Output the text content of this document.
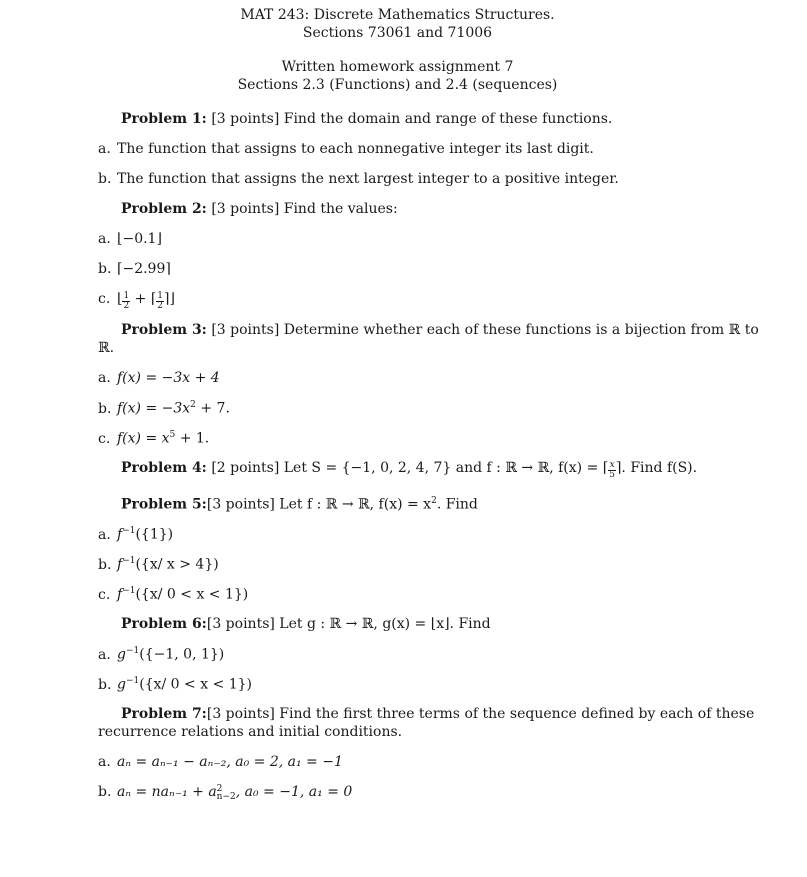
MAT 243: Discrete Mathematics Structures.
Sections 73061 and 71006
Written homework assignment 7
Sections 2.3 (Functions) and 2.4 (sequences)
Problem 1: [3 points] Find the domain and range of these functions.
a. The function that assigns to each nonnegative integer its last digit.
b. The function that assigns the next largest integer to a positive integer.
Problem 2: [3 points] Find the values:
a. ⌊−0.1⌋
b. ⌈−2.99⌉
c. ⌊ $\frac{1}{2}$ + ⌈ $\frac{1}{2}$ ⌉⌋
Problem 3: [3 points] Determine whether each of these functions is a bijection from ℝ to
ℝ.
a. f(x) = −3x + 4
b. $f(x) = -3x^2 + 7$.
c. $f(x) = x^5 + 1$.
Problem 4: [2 points] Let S = {−1, 0, 2, 4, 7} and f : ℝ → ℝ, f(x) = ⌈ $\frac{x}{5}$ ⌉. Find f(S).
Problem 5:[3 points] Let f : ℝ → ℝ, $f(x) = x^2$. Find
a. $f^{-1}(\{1\})$
b. $f^{-1}(\{x/$ x > 4})
c. $f^{-1}(\{x/$ 0 < x < 1})
Problem 6:[3 points] Let g : ℝ → ℝ, g(x) = ⌊x⌋. Find
a. $g^{-1}(\{-1$, 0, 1})
b. $g^{-1}(\{x/$ 0 < x < 1})
Problem 7:[3 points] Find the first three terms of the sequence defined by each of these
recurrence relations and initial conditions.
a. aₙ = aₙ₋₁ − aₙ₋₂, a₀ = 2, a₁ = −1
b. aₙ = naₙ₋₁ + a 2
n−2 , a₀ = −1, a₁ = 0
